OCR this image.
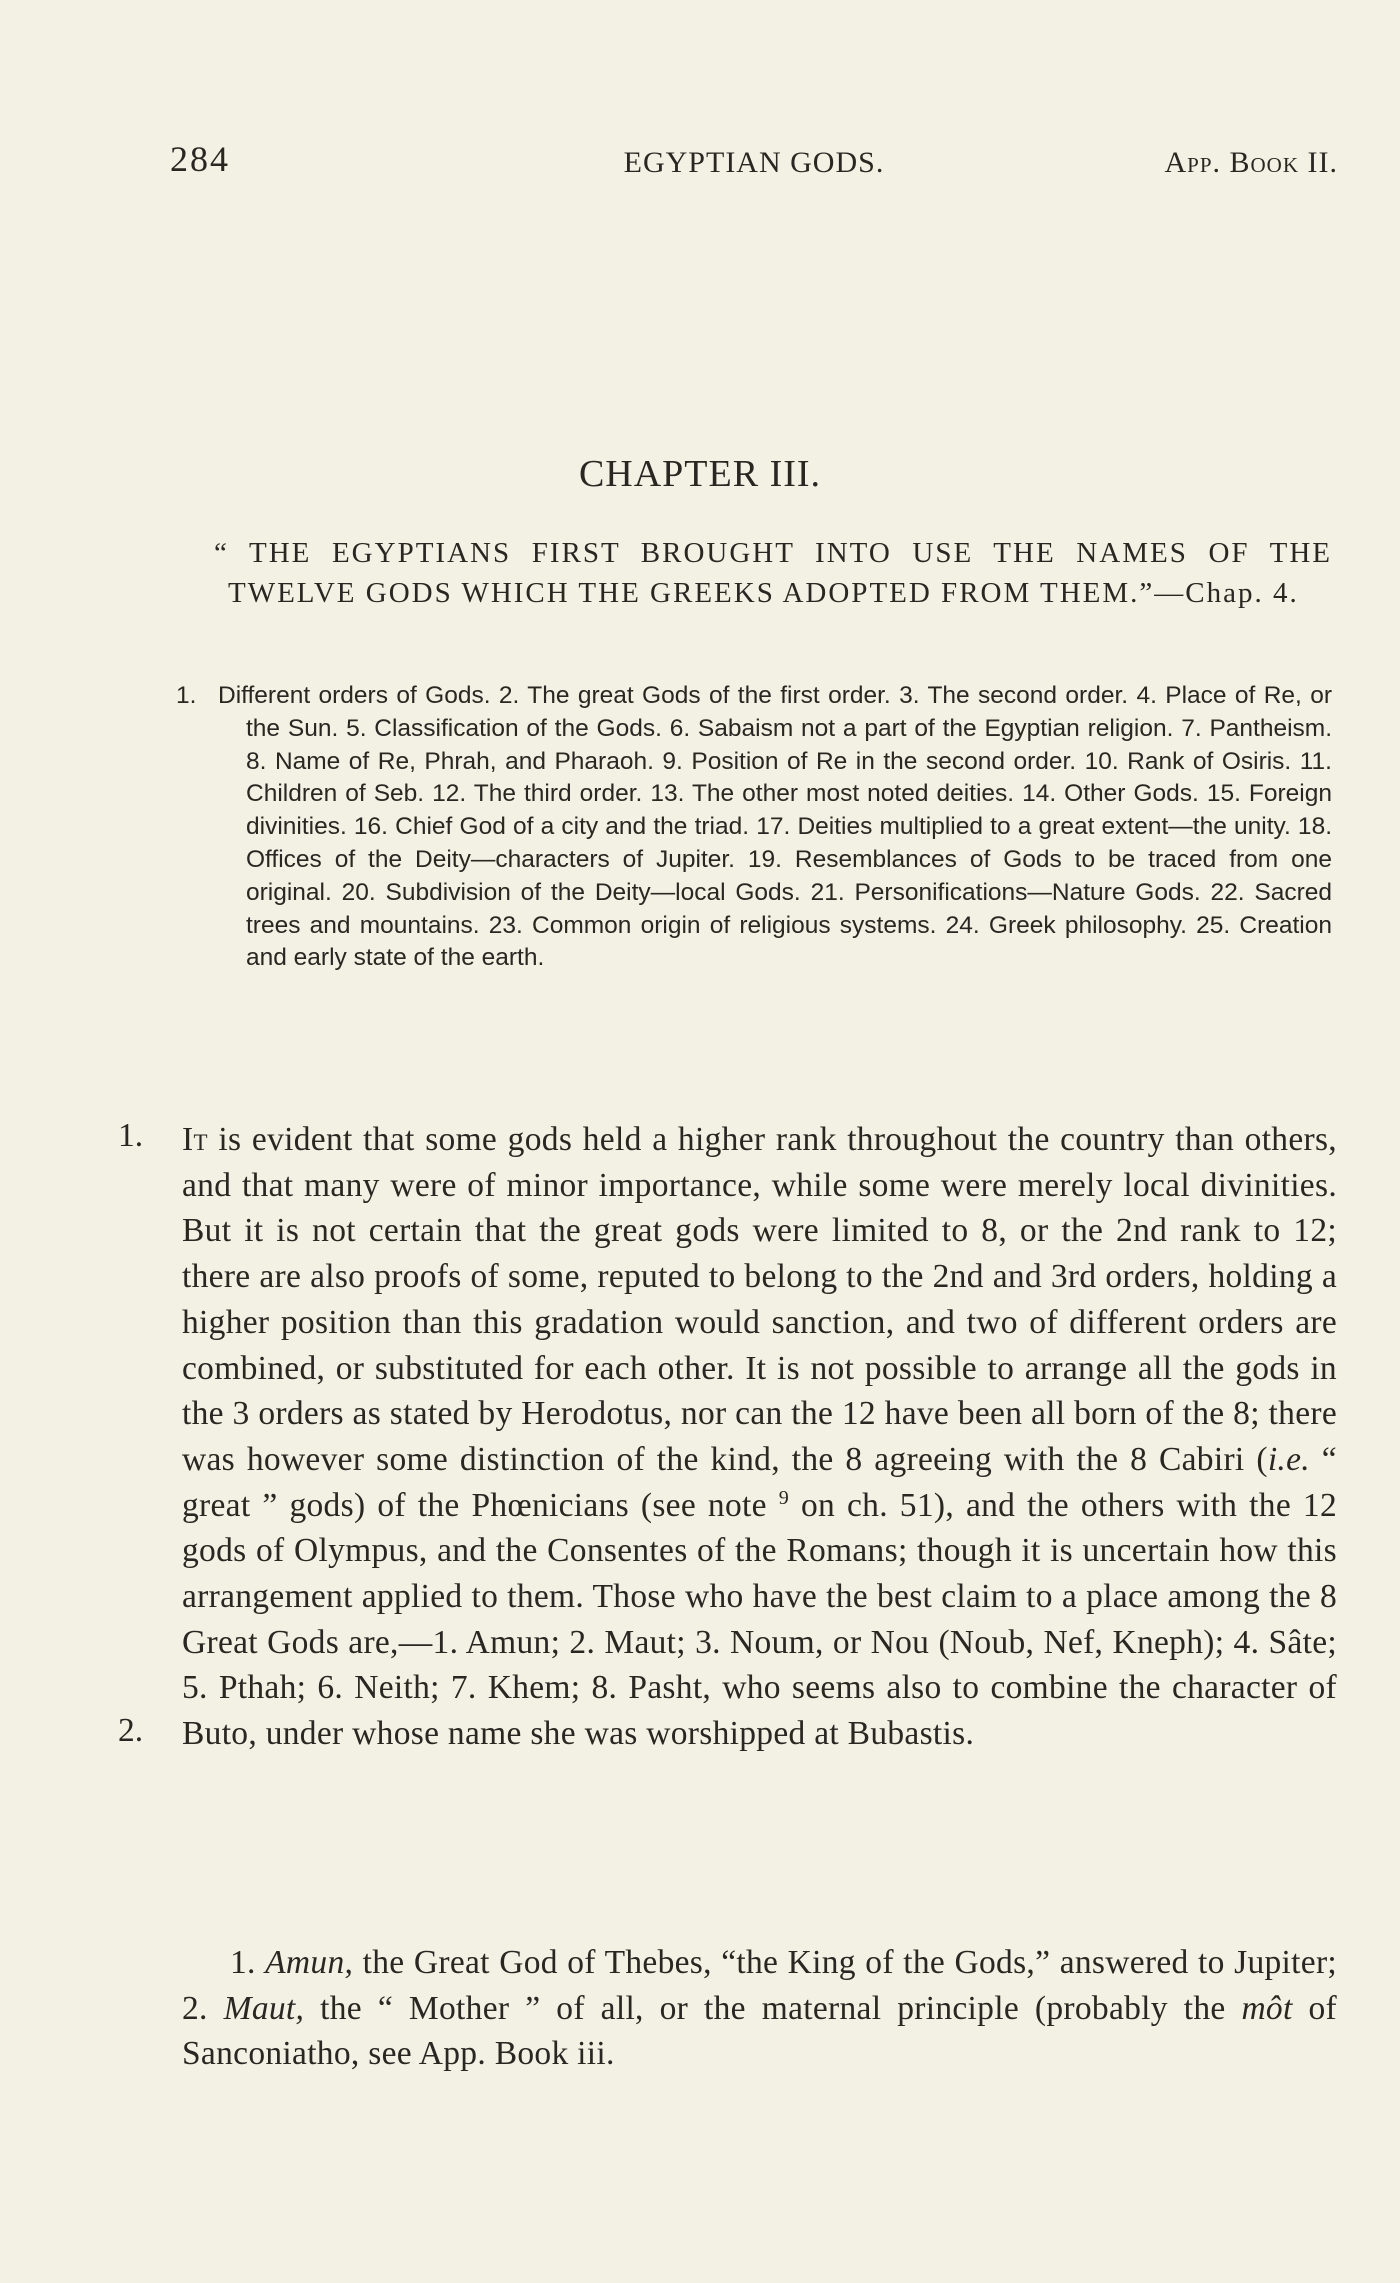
284	EGYPTIAN GODS.	App. Book II.
CHAPTER III.
“ THE EGYPTIANS FIRST BROUGHT INTO USE THE NAMES OF THE TWELVE GODS WHICH THE GREEKS ADOPTED FROM THEM.”—Chap. 4.
1. Different orders of Gods. 2. The great Gods of the first order. 3. The second order. 4. Place of Re, or the Sun. 5. Classification of the Gods. 6. Sabaism not a part of the Egyptian religion. 7. Pantheism. 8. Name of Re, Phrah, and Pharaoh. 9. Position of Re in the second order. 10. Rank of Osiris. 11. Children of Seb. 12. The third order. 13. The other most noted deities. 14. Other Gods. 15. Foreign divinities. 16. Chief God of a city and the triad. 17. Deities multiplied to a great extent—the unity. 18. Offices of the Deity—characters of Jupiter. 19. Resemblances of Gods to be traced from one original. 20. Subdivision of the Deity—local Gods. 21. Personifications—Nature Gods. 22. Sacred trees and mountains. 23. Common origin of religious systems. 24. Greek philosophy. 25. Creation and early state of the earth.
1.
2.
It is evident that some gods held a higher rank throughout the country than others, and that many were of minor importance, while some were merely local divinities. But it is not certain that the great gods were limited to 8, or the 2nd rank to 12; there are also proofs of some, reputed to belong to the 2nd and 3rd orders, holding a higher position than this gradation would sanction, and two of different orders are combined, or substituted for each other. It is not possible to arrange all the gods in the 3 orders as stated by Herodotus, nor can the 12 have been all born of the 8; there was however some distinction of the kind, the 8 agreeing with the 8 Cabiri (i.e. “ great ” gods) of the Phœnicians (see note $^9$ on ch. 51), and the others with the 12 gods of Olympus, and the Consentes of the Romans; though it is uncertain how this arrangement applied to them. Those who have the best claim to a place among the 8 Great Gods are,—1. Amun; 2. Maut; 3. Noum, or Nou (Noub, Nef, Kneph); 4. Sâte; 5. Pthah; 6. Neith; 7. Khem; 8. Pasht, who seems also to combine the character of Buto, under whose name she was worshipped at Bubastis.
1. Amun, the Great God of Thebes, “the King of the Gods,” answered to Jupiter; 2. Maut, the “ Mother ” of all, or the maternal principle (probably the môt of Sanconiatho, see App. Book iii.
